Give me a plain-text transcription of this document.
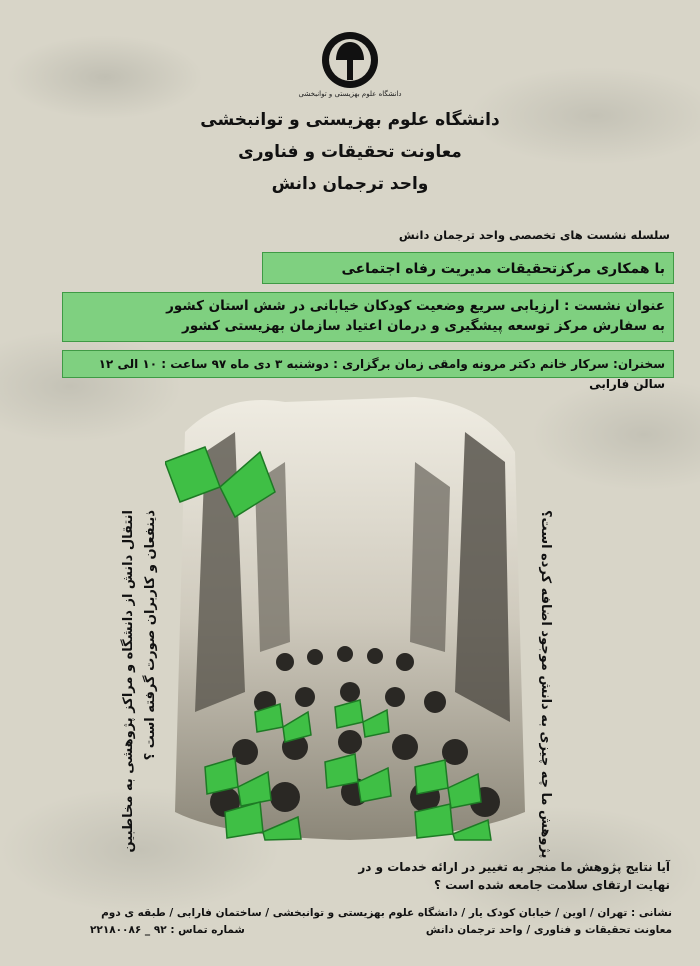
دانشگاه علوم بهزیستی و توانبخشی
دانشگاه علوم بهزیستی و توانبخشی
معاونت تحقیقات و فناوری
واحد ترجمان دانش
سلسله نشست های تخصصی واحد ترجمان دانش
با همکاری مرکزتحقیقات مدیریت رفاه اجتماعی
عنوان نشست : ارزیابی سریع وضعیت کودکان خیابانی در شش استان کشور
به سفارش مرکز توسعه پیشگیری و درمان اعتیاد سازمان بهزیستی کشور
سخنران: سرکار خانم دکتر مرونه وامقی زمان برگزاری : دوشنبه ۳ دی ماه ۹۷ ساعت : ۱۰ الی ۱۲ سالن فارابی
انتقال دانش از دانشگاه و مراکز پژوهشی به مخاطبین ذینفعان و کاربران صورت گرفته است ؟	پژوهش ما چه چیزی به دانش موجود اضافه کرده است؟
آیا نتایج پژوهش ما منجر به تغییر در ارائه خدمات و در
نهایت ارتقای سلامت جامعه شده است ؟
نشانی : تهران / اوین / خیابان کودک یار / دانشگاه علوم بهزیستی و توانبخشی / ساختمان فارابی / طبقه ی دوم
معاونت تحقیقات و فناوری / واحد ترجمان دانش
شماره تماس : ۹۲ _ ۲۲۱۸۰۰۸۶
